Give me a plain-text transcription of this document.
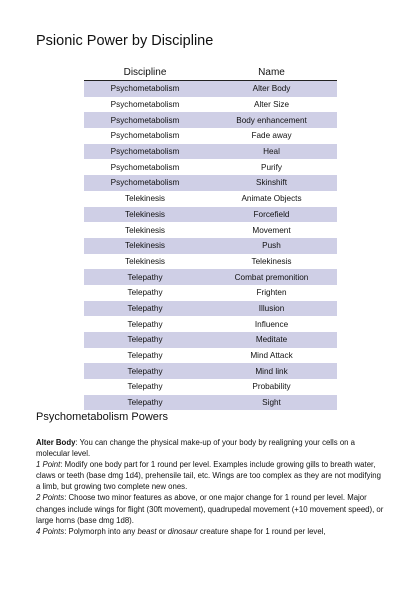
Psionic Power by Discipline
Discipline	Name
Psychometabolism	Alter Body
Psychometabolism	Alter Size
Psychometabolism	Body enhancement
Psychometabolism	Fade away
Psychometabolism	Heal
Psychometabolism	Purify
Psychometabolism	Skinshift
Telekinesis	Animate Objects
Telekinesis	Forcefield
Telekinesis	Movement
Telekinesis	Push
Telekinesis	Telekinesis
Telepathy	Combat premonition
Telepathy	Frighten
Telepathy	Illusion
Telepathy	Influence
Telepathy	Meditate
Telepathy	Mind Attack
Telepathy	Mind link
Telepathy	Probability
Telepathy	Sight
Psychometabolism Powers

Alter Body: You can change the physical make-up of your body by realigning your cells on a molecular level.

1 Point: Modify one body part for 1 round per level. Examples include growing gills to breath water, claws or teeth (base dmg 1d4), prehensile tail, etc. Wings are too complex as they are not modifying a limb, but growing two complete new ones.

2 Points: Choose two minor features as above, or one major change for 1 round per level. Major changes include wings for flight (30ft movement), quadrupedal movement (+10 movement speed), or large horns (base dmg 1d8).

4 Points: Polymorph into any beast or dinosaur creature shape for 1 round per level,
